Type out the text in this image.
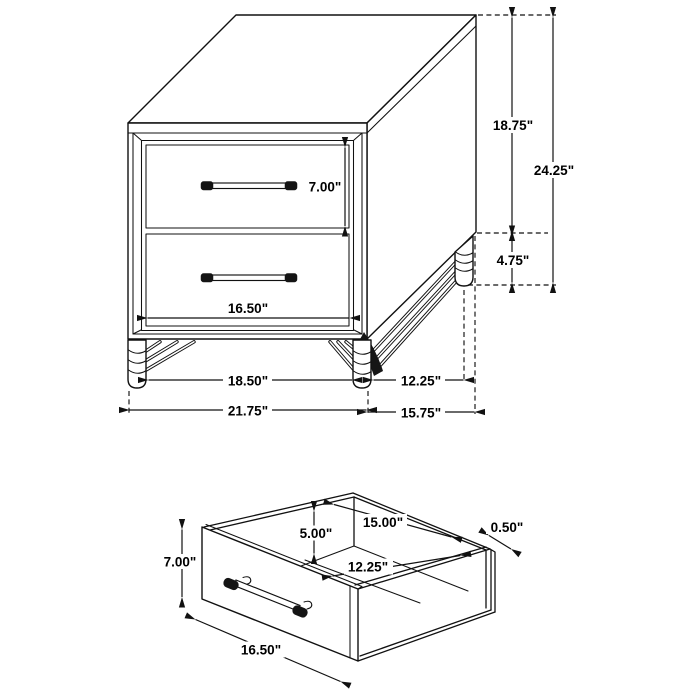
7.00"
16.50"
18.75"
24.25"
4.75"
18.50"
21.75"
12.25"
15.75"
7.00"
15.00"
5.00"
12.25"
0.50"
16.50"
